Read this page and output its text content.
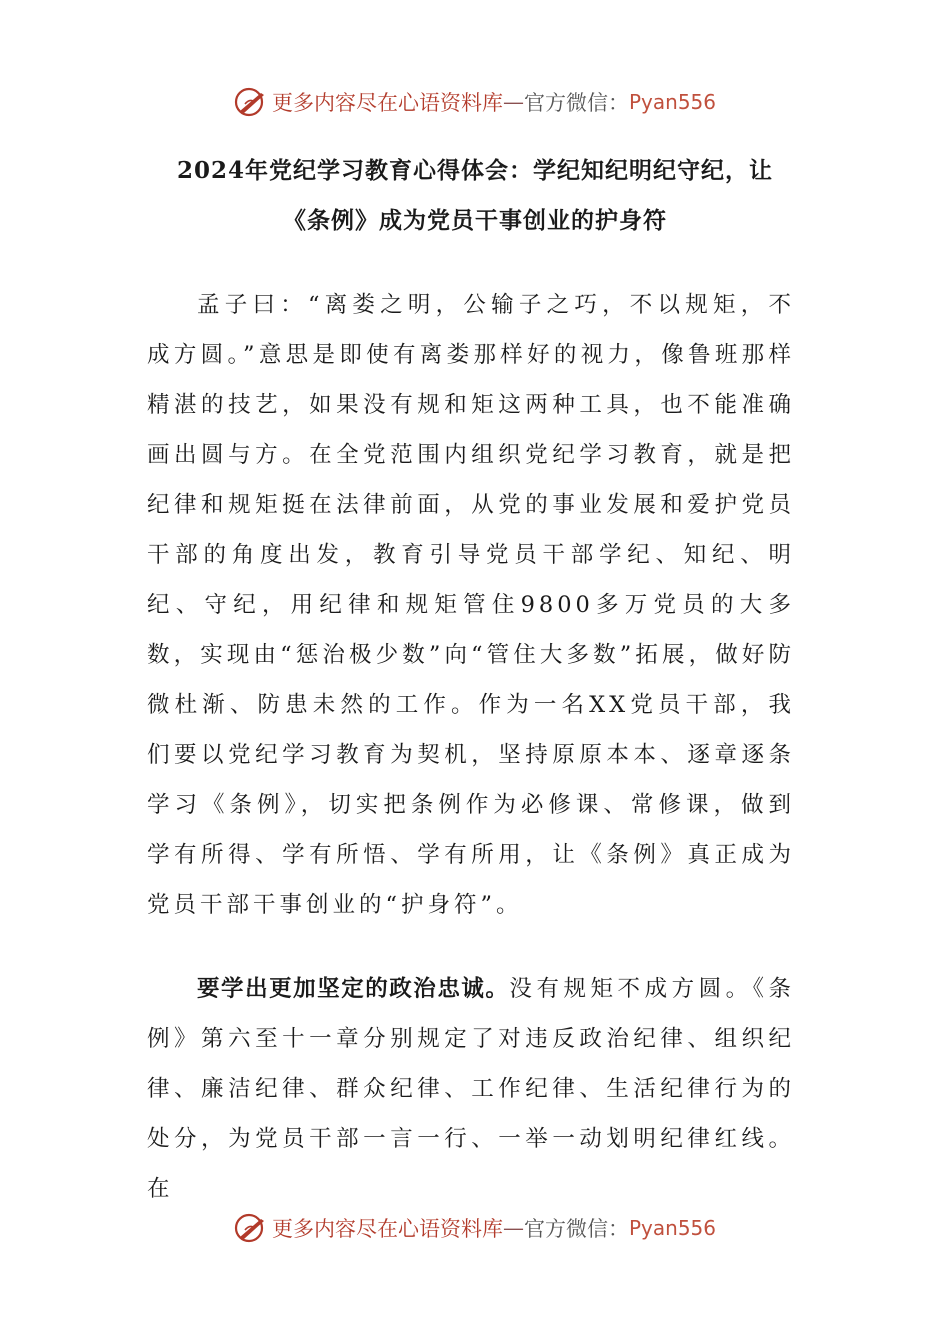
更多内容尽在心语资料库 — 官方微信： Pyan556
2024年党纪学习教育心得体会：学纪知纪明纪守纪，让
《条例》成为党员干事创业的护身符

孟子曰：“离娄之明，公输子之巧，不以规矩，不成方圆。”意思是即使有离娄那样好的视力，像鲁班那样精湛的技艺，如果没有规和矩这两种工具，也不能准确画出圆与方。在全党范围内组织党纪学习教育，就是把纪律和规矩挺在法律前面，从党的事业发展和爱护党员干部的角度出发，教育引导党员干部学纪、知纪、明纪、守纪，用纪律和规矩管住9800多万党员的大多数，实现由“惩治极少数”向“管住大多数”拓展，做好防微杜渐、防患未然的工作。作为一名XX党员干部，我们要以党纪学习教育为契机，坚持原原本本、逐章逐条学习《条例》，切实把条例作为必修课、常修课，做到学有所得、学有所悟、学有所用，让《条例》真正成为党员干部干事创业的“护身符”。

要学出更加坚定的政治忠诚。没有规矩不成方圆。《条例》第六至十一章分别规定了对违反政治纪律、组织纪律、廉洁纪律、群众纪律、工作纪律、生活纪律行为的处分，为党员干部一言一行、一举一动划明纪律红线。在

更多内容尽在心语资料库 — 官方微信： Pyan556
